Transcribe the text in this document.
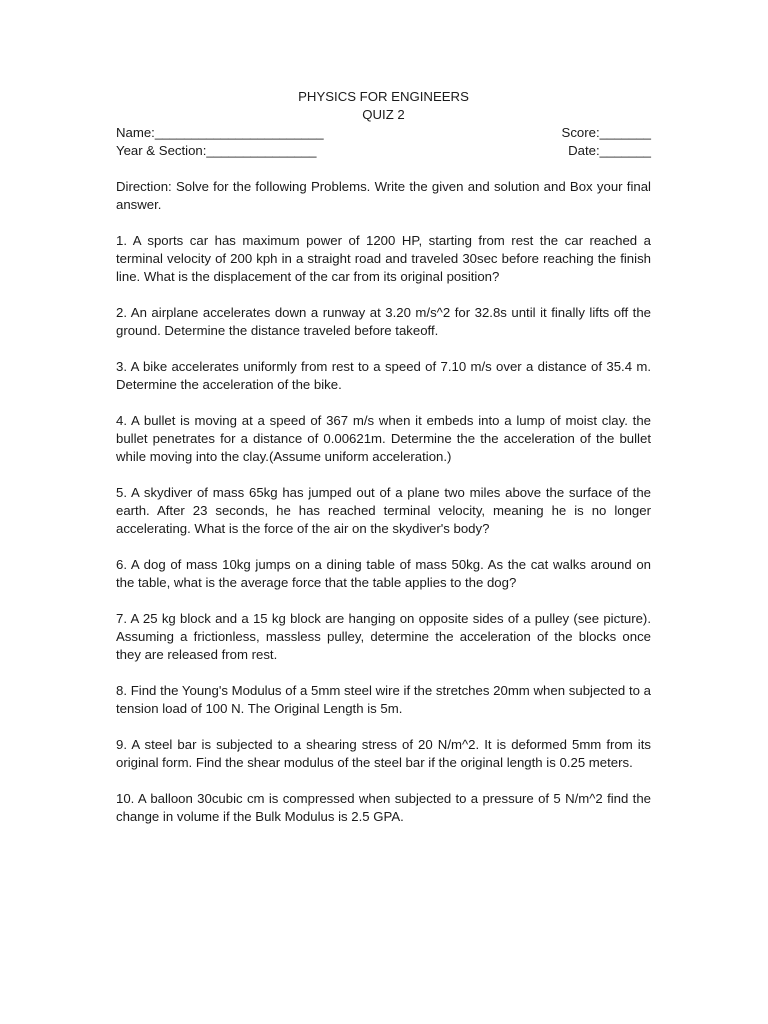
PHYSICS FOR ENGINEERS

QUIZ 2

Name:_______________________	Score:_______
Year & Section:_______________	Date:_______

Direction: Solve for the following Problems. Write the given and solution and Box your final answer.

1. A sports car has maximum power of 1200 HP, starting from rest the car reached a terminal velocity of 200 kph in a straight road and traveled 30sec before reaching the finish line. What is the displacement of the car from its original position?

2. An airplane accelerates down a runway at 3.20 m/s^2 for 32.8s until it finally lifts off the ground. Determine the distance traveled before takeoff.

3. A bike accelerates uniformly from rest to a speed of 7.10 m/s over a distance of 35.4 m. Determine the acceleration of the bike.

4. A bullet is moving at a speed of 367 m/s when it embeds into a lump of moist clay. the bullet penetrates for a distance of 0.00621m. Determine the the acceleration of the bullet while moving into the clay.(Assume uniform acceleration.)

5. A skydiver of mass 65kg has jumped out of a plane two miles above the surface of the earth. After 23 seconds, he has reached terminal velocity, meaning he is no longer accelerating. What is the force of the air on the skydiver's body?

6. A dog of mass 10kg jumps on a dining table of mass 50kg. As the cat walks around on the table, what is the average force that the table applies to the dog?

7. A 25 kg block and a 15 kg block are hanging on opposite sides of a pulley (see picture). Assuming a frictionless, massless pulley, determine the acceleration of the blocks once they are released from rest.

8. Find the Young's Modulus of a 5mm steel wire if the stretches 20mm when subjected to a tension load of 100 N. The Original Length is 5m.

9. A steel bar is subjected to a shearing stress of 20 N/m^2. It is deformed 5mm from its original form. Find the shear modulus of the steel bar if the original length is 0.25 meters.

10. A balloon 30cubic cm is compressed when subjected to a pressure of 5 N/m^2 find the change in volume if the Bulk Modulus is 2.5 GPA.
